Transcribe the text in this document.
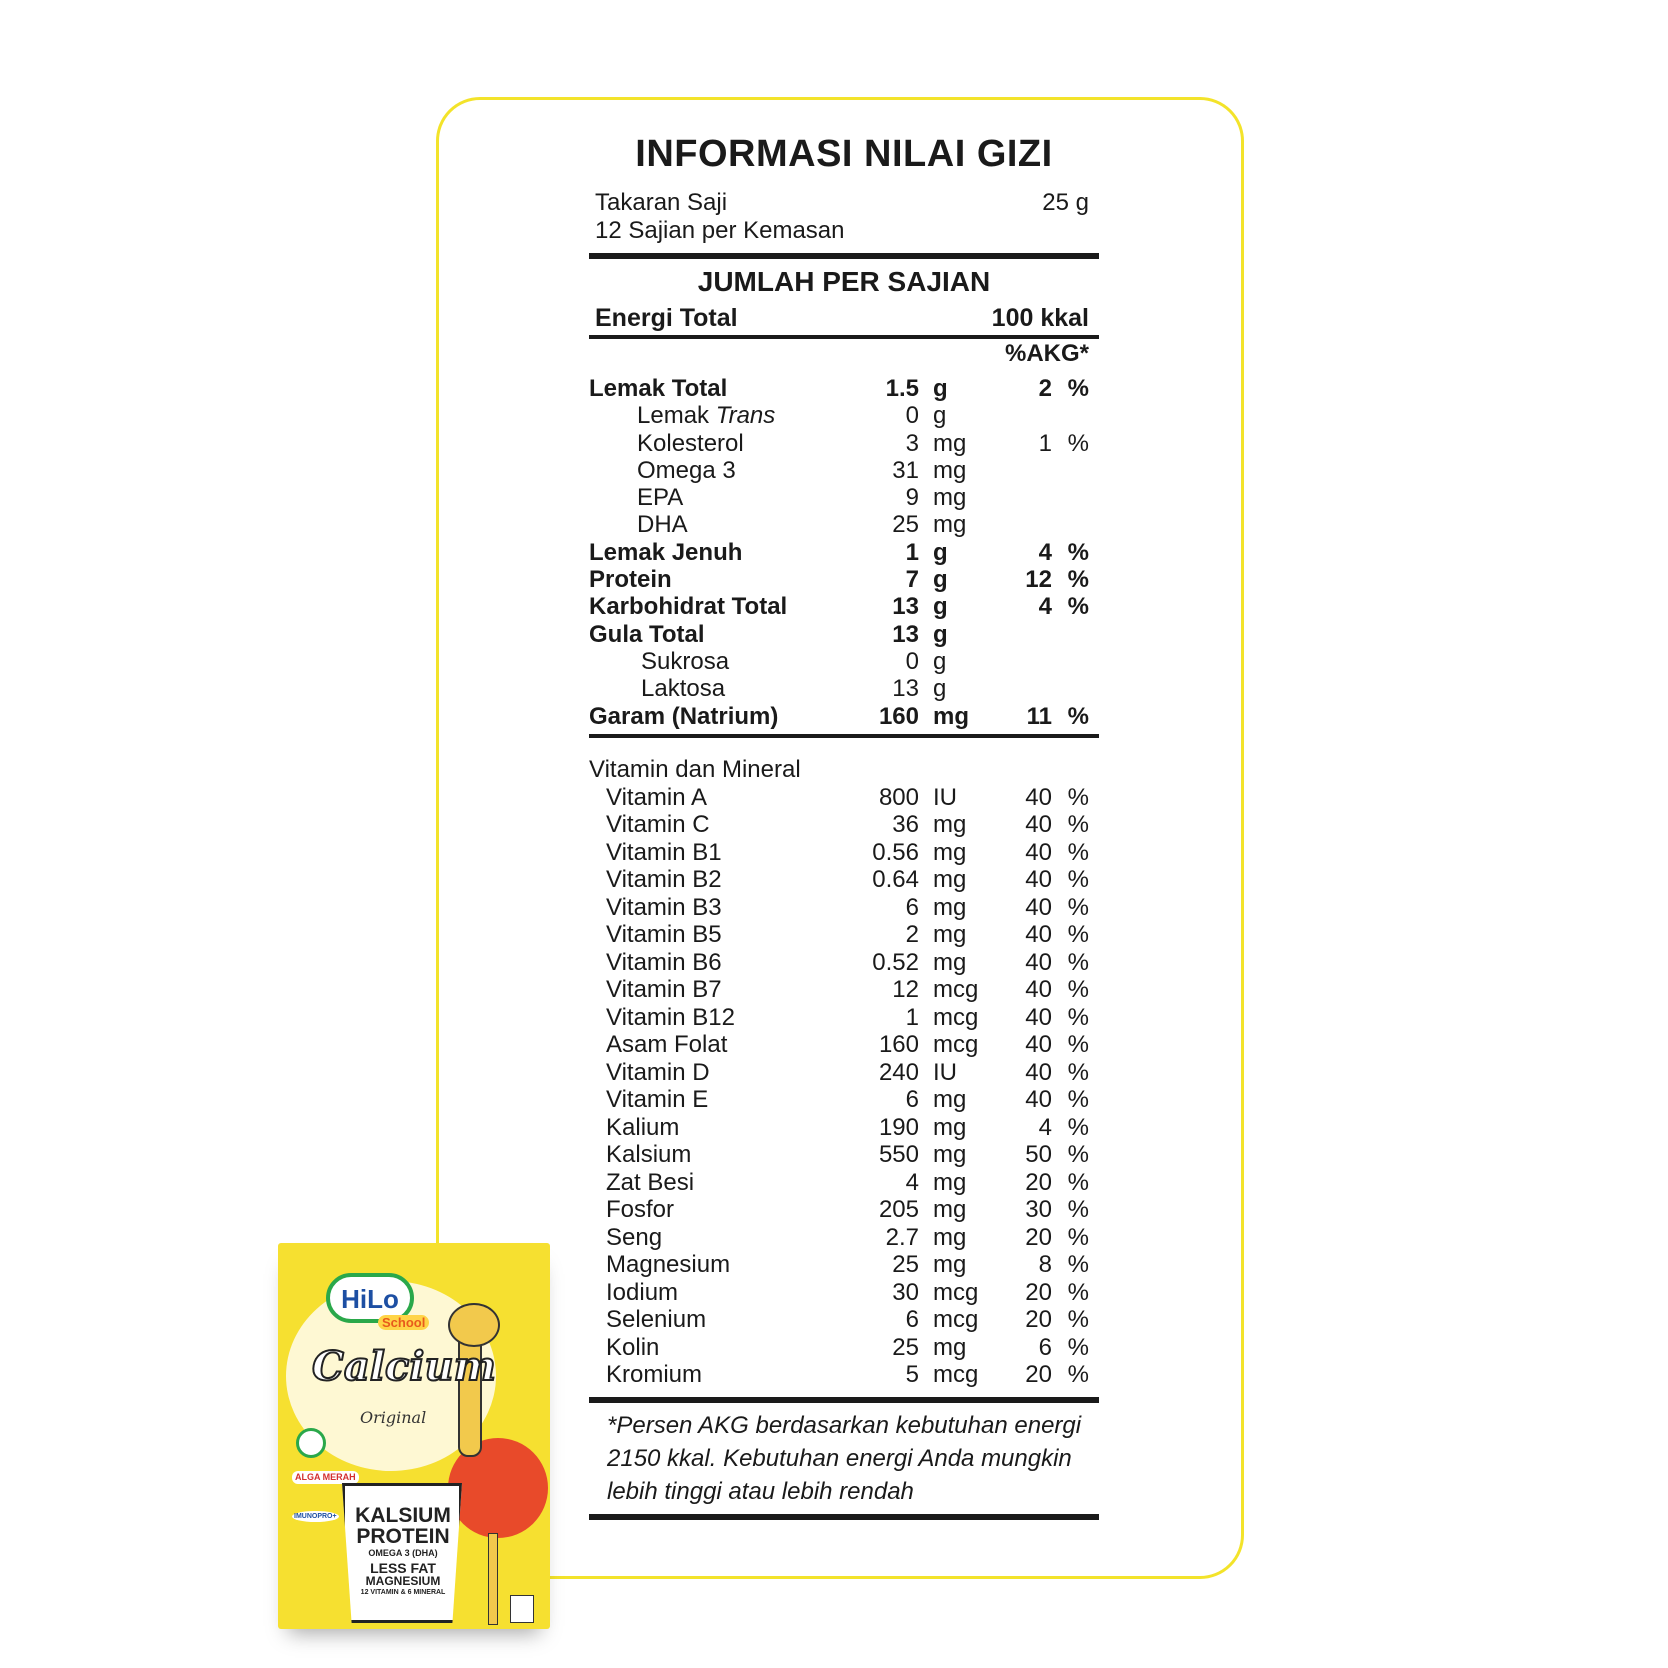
INFORMASI NILAI GIZI
Takaran Saji	25 g
12 Sajian per Kemasan
JUMLAH PER SAJIAN
Energi Total	100 kkal
%AKG*
Lemak Total	1.5 g	2 %
Lemak Trans	0 g
Kolesterol	3 mg	1 %
Omega 3	31 mg
EPA	9 mg
DHA	25 mg
Lemak Jenuh	1 g	4 %
Protein	7 g	12 %
Karbohidrat Total	13 g	4 %
Gula Total	13 g
Sukrosa	0 g
Laktosa	13 g
Garam (Natrium)	160 mg 11 %
Vitamin dan Mineral
Vitamin A	800 IU	40 %
Vitamin C	36 mg 40 %
Vitamin B1	0.56 mg 40 %
Vitamin B2	0.64 mg 40 %
Vitamin B3	6 mg 40 %
Vitamin B5	2 mg 40 %
Vitamin B6	0.52 mg 40 %
Vitamin B7	12 mcg 40 %
Vitamin B12	1 mcg 40 %
Asam Folat	160 mcg 40 %
Vitamin D	240 IU	40 %
Vitamin E	6 mg 40 %
Kalium	190 mg	4 %
Kalsium	550 mg 50 %
Zat Besi	4 mg 20 %
Fosfor	205 mg 30 %
Seng	2.7 mg 20 %
Magnesium	25 mg	8 %
Iodium	30 mcg 20 %
Selenium	6 mcg 20 %
Kolin	25 mg	6 %
Kromium	5 mcg 20 %
*Persen AKG berdasarkan kebutuhan energi 2150 kkal. Kebutuhan energi Anda mungkin lebih tinggi atau lebih rendah
HiLo
School
Calcium
Original
ALGA MERAH
IMUNOPRO+ KALSIUM
PROTEIN
OMEGA 3 (DHA)
LESS FAT
MAGNESIUM
12 VITAMIN & 6 MINERAL
